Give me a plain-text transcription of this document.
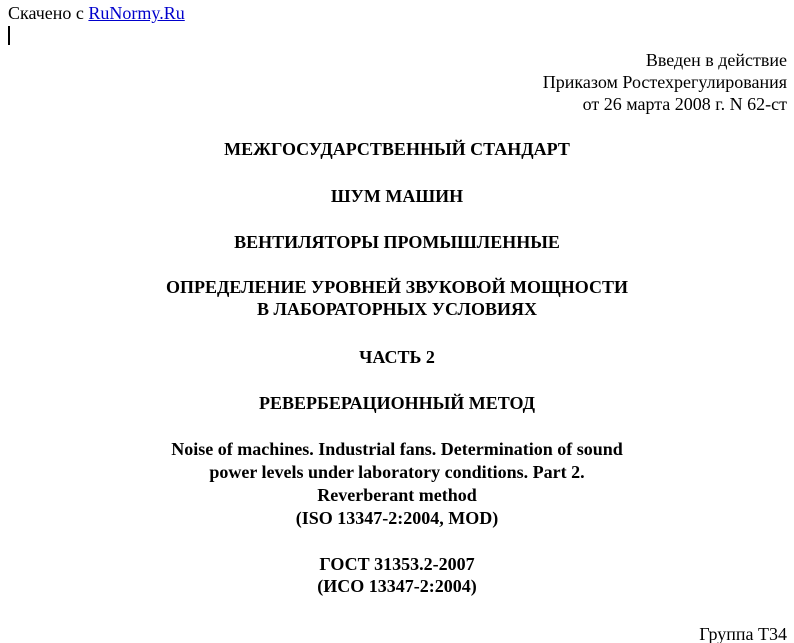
Скачено с RuNormy.Ru
Введен в действие
Приказом Ростехрегулирования
от 26 марта 2008 г. N 62-ст
МЕЖГОСУДАРСТВЕННЫЙ СТАНДАРТ
ШУМ МАШИН
ВЕНТИЛЯТОРЫ ПРОМЫШЛЕННЫЕ
ОПРЕДЕЛЕНИЕ УРОВНЕЙ ЗВУКОВОЙ МОЩНОСТИ
В ЛАБОРАТОРНЫХ УСЛОВИЯХ
ЧАСТЬ 2
РЕВЕРБЕРАЦИОННЫЙ МЕТОД
Noise of machines. Industrial fans. Determination of sound
power levels under laboratory conditions. Part 2.
Reverberant method
(ISO 13347-2:2004, MOD)
ГОСТ 31353.2-2007
(ИСО 13347-2:2004)
Группа Т34
